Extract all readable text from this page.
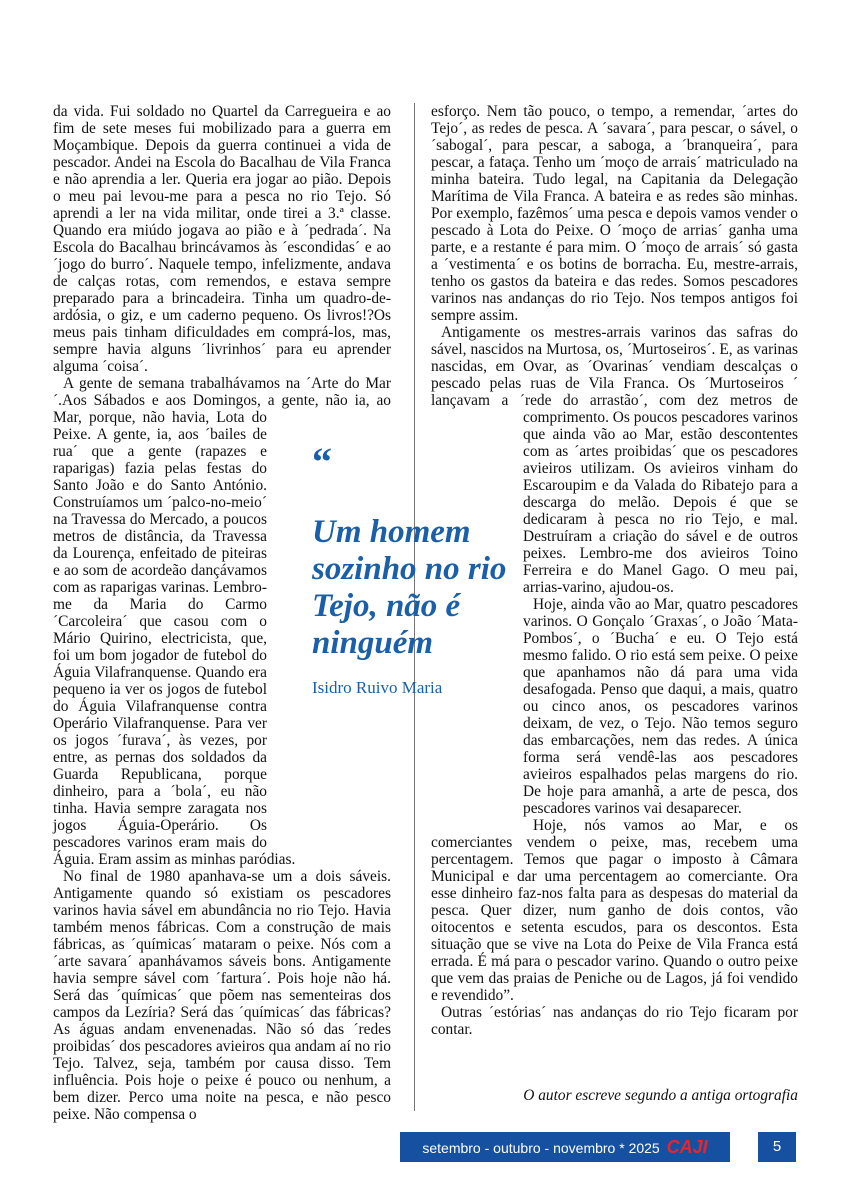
da vida. Fui soldado no Quartel da Carregueira e ao fim de sete meses fui mobilizado para a guerra em Moçambique. Depois da guerra continuei a vida de pescador. Andei na Escola do Bacalhau de Vila Franca e não aprendia a ler. Queria era jogar ao pião. Depois o meu pai levou-me para a pesca no rio Tejo. Só aprendi a ler na vida militar, onde tirei a 3.ª classe. Quando era miúdo jogava ao pião e à ´pedrada´. Na Escola do Bacalhau brincávamos às ´escondidas´ e ao ´jogo do burro´. Naquele tempo, infelizmente, andava de calças rotas, com remendos, e estava sempre preparado para a brincadeira. Tinha um quadro-de-ardósia, o giz, e um caderno pequeno. Os livros!?Os meus pais tinham dificuldades em comprá-los, mas, sempre havia alguns ´livrinhos´ para eu aprender alguma ´coisa´.

A gente de semana trabalhávamos na ´Arte do Mar´.Aos Sábados e aos Domingos, a gente, não ia, ao Mar, porque, não havia, Lota do Peixe. A gente, ia, aos ´bailes de rua´ que a gente (rapazes e raparigas) fazia pelas festas do Santo João e do Santo António. Construíamos um ´palco-no-meio´ na Travessa do Mercado, a poucos metros de distância, da Travessa da Lourença, enfeitado de piteiras e ao som de acordeão dançávamos com as raparigas varinas. Lembro-me da Maria do Carmo ´Carcoleira´ que casou com o Mário Quirino, electricista, que, foi um bom jogador de futebol do Águia Vilafranquense. Quando era pequeno ia ver os jogos de futebol do Águia Vilafranquense contra Operário Vilafranquense. Para ver os jogos ´furava´, às vezes, por entre, as pernas dos soldados da Guarda Republicana, porque dinheiro, para a ´bola´, eu não tinha. Havia sempre zaragata nos jogos Águia-Operário. Os pescadores varinos eram mais do Águia. Eram assim as minhas paródias.

No final de 1980 apanhava-se um a dois sáveis. Antigamente quando só existiam os pescadores varinos havia sável em abundância no rio Tejo. Havia também menos fábricas. Com a construção de mais fábricas, as ´químicas´ mataram o peixe. Nós com a ´arte savara´ apanhávamos sáveis bons. Antigamente havia sempre sável com ´fartura´. Pois hoje não há. Será das ´químicas´ que põem nas sementeiras dos campos da Lezíria? Será das ´químicas´ das fábricas? As águas andam envenenadas. Não só das ´redes proibidas´ dos pescadores avieiros qua andam aí no rio Tejo. Talvez, seja, também por causa disso. Tem influência. Pois hoje o peixe é pouco ou nenhum, a bem dizer. Perco uma noite na pesca, e não pesco peixe. Não compensa o

esforço. Nem tão pouco, o tempo, a remendar, ´artes do Tejo´, as redes de pesca. A ´savara´, para pescar, o sável, o ´sabogal´, para pescar, a saboga, a ´branqueira´, para pescar, a fataça. Tenho um ´moço de arrais´ matriculado na minha bateira. Tudo legal, na Capitania da Delegação Marítima de Vila Franca. A bateira e as redes são minhas. Por exemplo, fazêmos´ uma pesca e depois vamos vender o pescado à Lota do Peixe. O ´moço de arrias´ ganha uma parte, e a restante é para mim. O ´moço de arrais´ só gasta a ´vestimenta´ e os botins de borracha. Eu, mestre-arrais, tenho os gastos da bateira e das redes. Somos pescadores varinos nas andanças do rio Tejo. Nos tempos antigos foi sempre assim.

Antigamente os mestres-arrais varinos das safras do sável, nascidos na Murtosa, os, ´Murtoseiros´. E, as varinas nascidas, em Ovar, as ´Ovarinas´ vendiam descalças o pescado pelas ruas de Vila Franca. Os ´Murtoseiros ´ lançavam a ´rede do arrastão´, com dez metros de comprimento. Os poucos pescadores varinos que ainda vão ao Mar, estão descontentes com as ´artes proibidas´ que os pescadores avieiros utilizam. Os avieiros vinham do Escaroupim e da Valada do Ribatejo para a descarga do melão. Depois é que se dedicaram à pesca no rio Tejo, e mal. Destruíram a criação do sável e de outros peixes. Lembro-me dos avieiros Toino Ferreira e do Manel Gago. O meu pai, arrias-varino, ajudou-os.

Hoje, ainda vão ao Mar, quatro pescadores varinos. O Gonçalo ´Graxas´, o João ´Mata-Pombos´, o ´Bucha´ e eu. O Tejo está mesmo falido. O rio está sem peixe. O peixe que apanhamos não dá para uma vida desafogada. Penso que daqui, a mais, quatro ou cinco anos, os pescadores varinos deixam, de vez, o Tejo. Não temos seguro das embarcações, nem das redes. A única forma será vendê-las aos pescadores avieiros espalhados pelas margens do rio. De hoje para amanhã, a arte de pesca, dos pescadores varinos vai desaparecer.

Hoje, nós vamos ao Mar, e os comerciantes vendem o peixe, mas, recebem uma percentagem. Temos que pagar o imposto à Câmara Municipal e dar uma percentagem ao comerciante. Ora esse dinheiro faz-nos falta para as despesas do material da pesca. Quer dizer, num ganho de dois contos, vão oitocentos e setenta escudos, para os descontos. Esta situação que se vive na Lota do Peixe de Vila Franca está errada. É má para o pescador varino. Quando o outro peixe que vem das praias de Peniche ou de Lagos, já foi vendido e revendido”.

Outras ´estórias´ nas andanças do rio Tejo ficaram por contar.

“
Um homem sozinho no rio Tejo, não é ninguém
Isidro Ruivo Maria
O autor escreve segundo a antiga ortografia
setembro - outubro - novembro * 2025 CAJI	5
